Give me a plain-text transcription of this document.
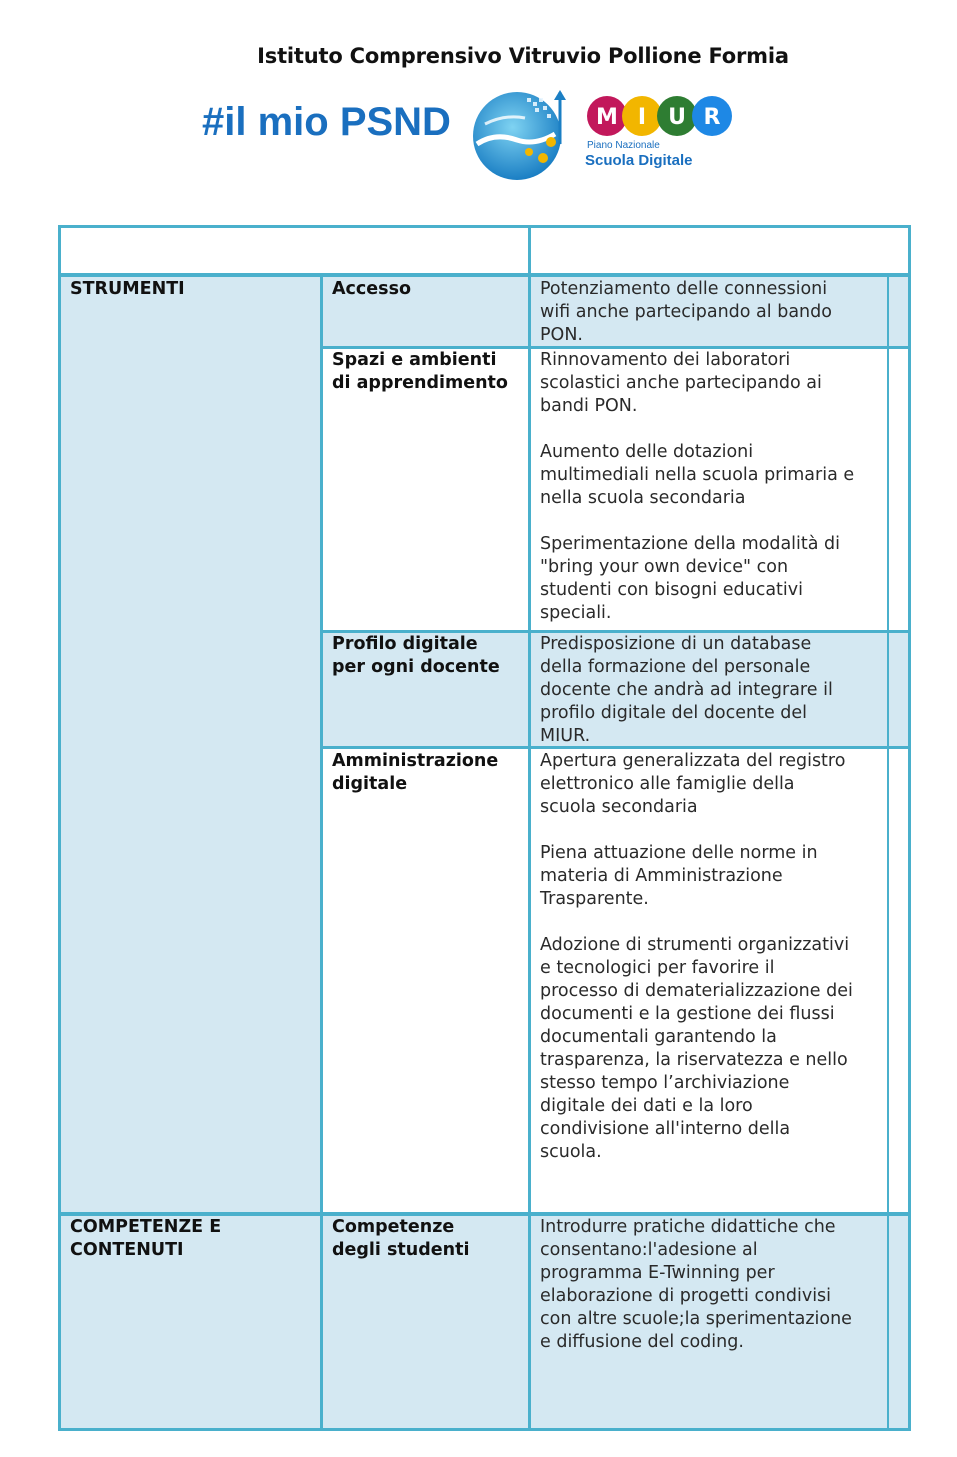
Istituto Comprensivo Vitruvio Pollione Formia
#il mio PSND	M I U R
Piano Nazionale
Scuola Digitale
STRUMENTI
COMPETENZE E
CONTENUTI
Accesso
Spazi e ambienti
di apprendimento
Profilo digitale
per ogni docente
Amministrazione
digitale
Competenze
degli studenti
Potenziamento delle connessioni
wifi anche partecipando al bando
PON.
Rinnovamento dei laboratori
scolastici anche partecipando ai
bandi PON.

Aumento delle dotazioni
multimediali nella scuola primaria e
nella scuola secondaria

Sperimentazione della modalità di
"bring your own device" con
studenti con bisogni educativi
speciali.
Predisposizione di un database
della formazione del personale
docente che andrà ad integrare il
profilo digitale del docente del
MIUR.
Apertura generalizzata del registro
elettronico alle famiglie della
scuola secondaria

Piena attuazione delle norme in
materia di Amministrazione
Trasparente.

Adozione di strumenti organizzativi
e tecnologici per favorire il
processo di dematerializzazione dei
documenti e la gestione dei flussi
documentali garantendo la
trasparenza, la riservatezza e nello
stesso tempo l’archiviazione
digitale dei dati e la loro
condivisione all'interno della
scuola.
Introdurre pratiche didattiche che
consentano:l'adesione al
programma E-Twinning per
elaborazione di progetti condivisi
con altre scuole;la sperimentazione
e diffusione del coding.
